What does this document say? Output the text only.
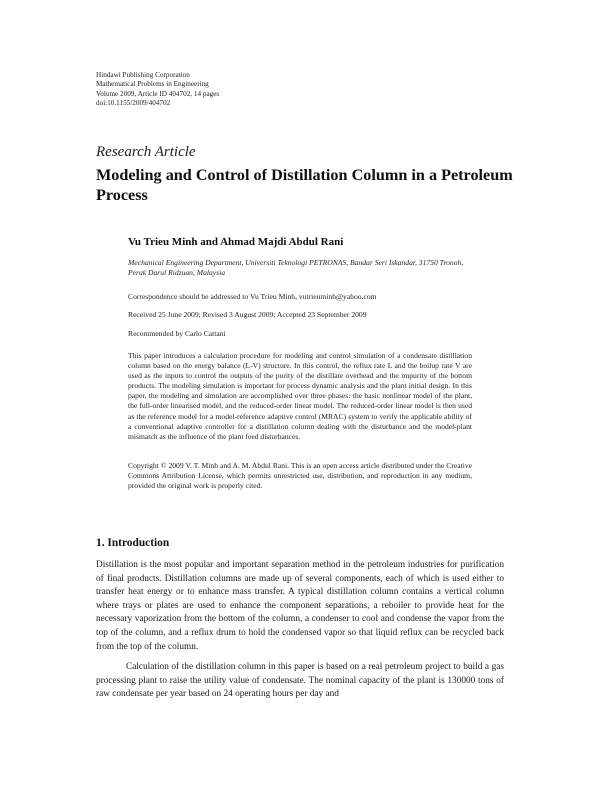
Hindawi Publishing Corporation
Mathematical Problems in Engineering
Volume 2009, Article ID 404702, 14 pages
doi:10.1155/2009/404702
Research Article
Modeling and Control of Distillation Column in a Petroleum Process
Vu Trieu Minh and Ahmad Majdi Abdul Rani
Mechanical Engineering Department, Universiti Teknologi PETRONAS, Bandar Seri Iskandar, 31750 Tronoh, Perak Darul Ridzuan, Malaysia
Correspondence should be addressed to Vu Trieu Minh, vutrieuminh@yahoo.com
Received 25 June 2009; Revised 3 August 2009; Accepted 23 September 2009
Recommended by Carlo Cattani
This paper introduces a calculation procedure for modeling and control simulation of a condensate distillation column based on the energy balance (L-V) structure. In this control, the reflux rate L and the boilup rate V are used as the inputs to control the outputs of the purity of the distillate overhead and the impurity of the bottom products. The modeling simulation is important for process dynamic analysis and the plant initial design. In this paper, the modeling and simulation are accomplished over three phases: the basic nonlinear model of the plant, the full-order linearised model, and the reduced-order linear model. The reduced-order linear model is then used as the reference model for a model-reference adaptive control (MRAC) system to verify the applicable ability of a conventional adaptive controller for a distillation column dealing with the disturbance and the model-plant mismatch as the influence of the plant feed disturbances.
Copyright © 2009 V. T. Minh and A. M. Abdul Rani. This is an open access article distributed under the Creative Commons Attribution License, which permits unrestricted use, distribution, and reproduction in any medium, provided the original work is properly cited.
1. Introduction
Distillation is the most popular and important separation method in the petroleum industries for purification of final products. Distillation columns are made up of several components, each of which is used either to transfer heat energy or to enhance mass transfer. A typical distillation column contains a vertical column where trays or plates are used to enhance the component separations, a reboiler to provide heat for the necessary vaporization from the bottom of the column, a condenser to cool and condense the vapor from the top of the column, and a reflux drum to hold the condensed vapor so that liquid reflux can be recycled back from the top of the column.
Calculation of the distillation column in this paper is based on a real petroleum project to build a gas processing plant to raise the utility value of condensate. The nominal capacity of the plant is 130000 tons of raw condensate per year based on 24 operating hours per day and
